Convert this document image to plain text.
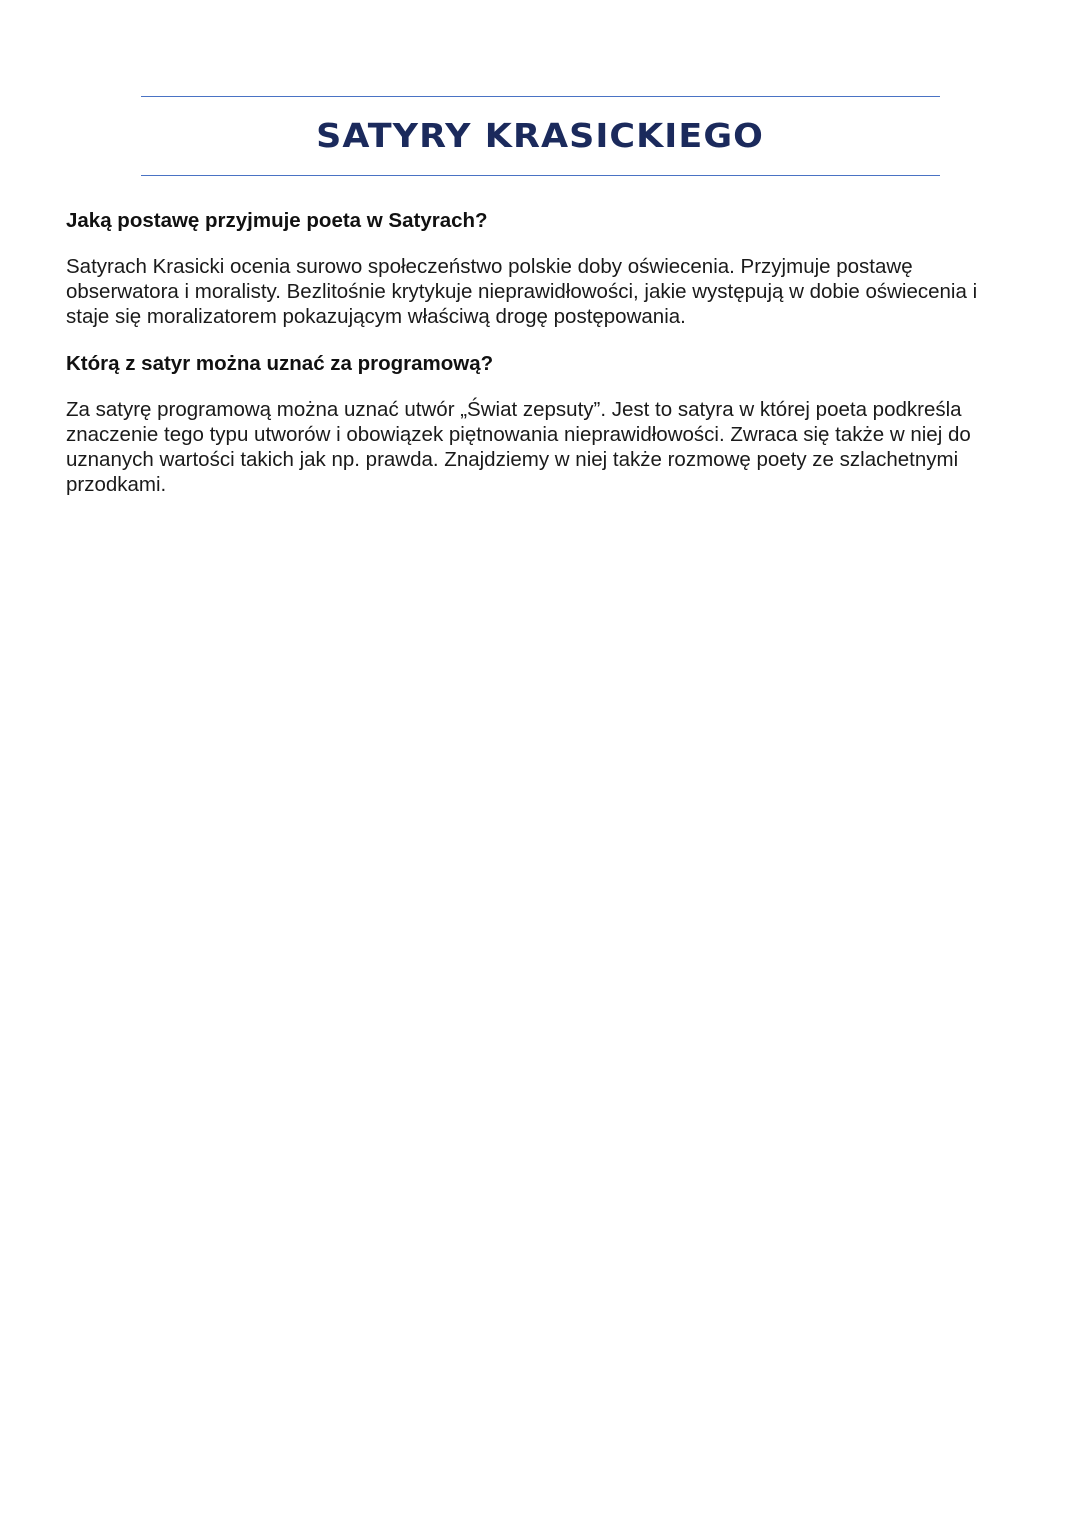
SATYRY KRASICKIEGO
Jaką postawę przyjmuje poeta w Satyrach?

Satyrach Krasicki ocenia surowo społeczeństwo polskie doby oświecenia. Przyjmuje postawę obserwatora i moralisty. Bezlitośnie krytykuje nieprawidłowości, jakie występują w dobie oświecenia i staje się moralizatorem pokazującym właściwą drogę postępowania.

Którą z satyr można uznać za programową?

Za satyrę programową można uznać utwór „Świat zepsuty”. Jest to satyra w której poeta podkreśla znaczenie tego typu utworów i obowiązek piętnowania nieprawidłowości. Zwraca się także w niej do uznanych wartości takich jak np. prawda. Znajdziemy w niej także rozmowę poety ze szlachetnymi przodkami.
